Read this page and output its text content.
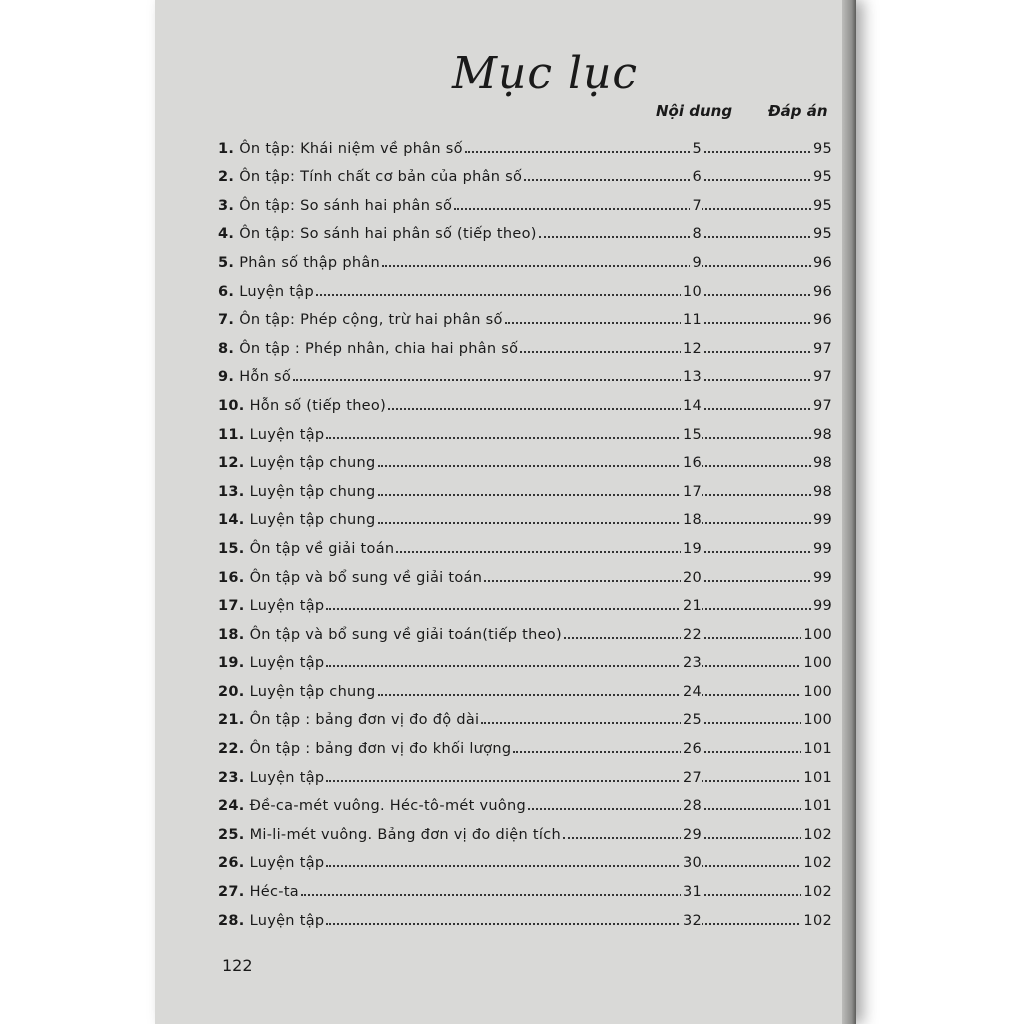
Mục lục
Nội dung Đáp án
1. Ôn tập: Khái niệm về phân số	5	95
2. Ôn tập: Tính chất cơ bản của phân số	6	95
3. Ôn tập: So sánh hai phân số	7	95
4. Ôn tập: So sánh hai phân số (tiếp theo)	8	95
5. Phân số thập phân	9	96
6. Luyện tập	10	96
7. Ôn tập: Phép cộng, trừ hai phân số	11	96
8. Ôn tập : Phép nhân, chia hai phân số	12	97
9. Hỗn số	13	97
10. Hỗn số (tiếp theo)	14	97
11. Luyện tập	15	98
12. Luyện tập chung	16	98
13. Luyện tập chung	17	98
14. Luyện tập chung	18	99
15. Ôn tập về giải toán	19	99
16. Ôn tập và bổ sung về giải toán	20	99
17. Luyện tập	21	99
18. Ôn tập và bổ sung về giải toán(tiếp theo)	22	100
19. Luyện tập	23	100
20. Luyện tập chung	24	100
21. Ôn tập : bảng đơn vị đo độ dài	25	100
22. Ôn tập : bảng đơn vị đo khối lượng	26	101
23. Luyện tập	27	101
24. Đề-ca-mét vuông. Héc-tô-mét vuông	28	101
25. Mi-li-mét vuông. Bảng đơn vị đo diện tích	29	102
26. Luyện tập	30	102
27. Héc-ta	31	102
28. Luyện tập	32	102
122
